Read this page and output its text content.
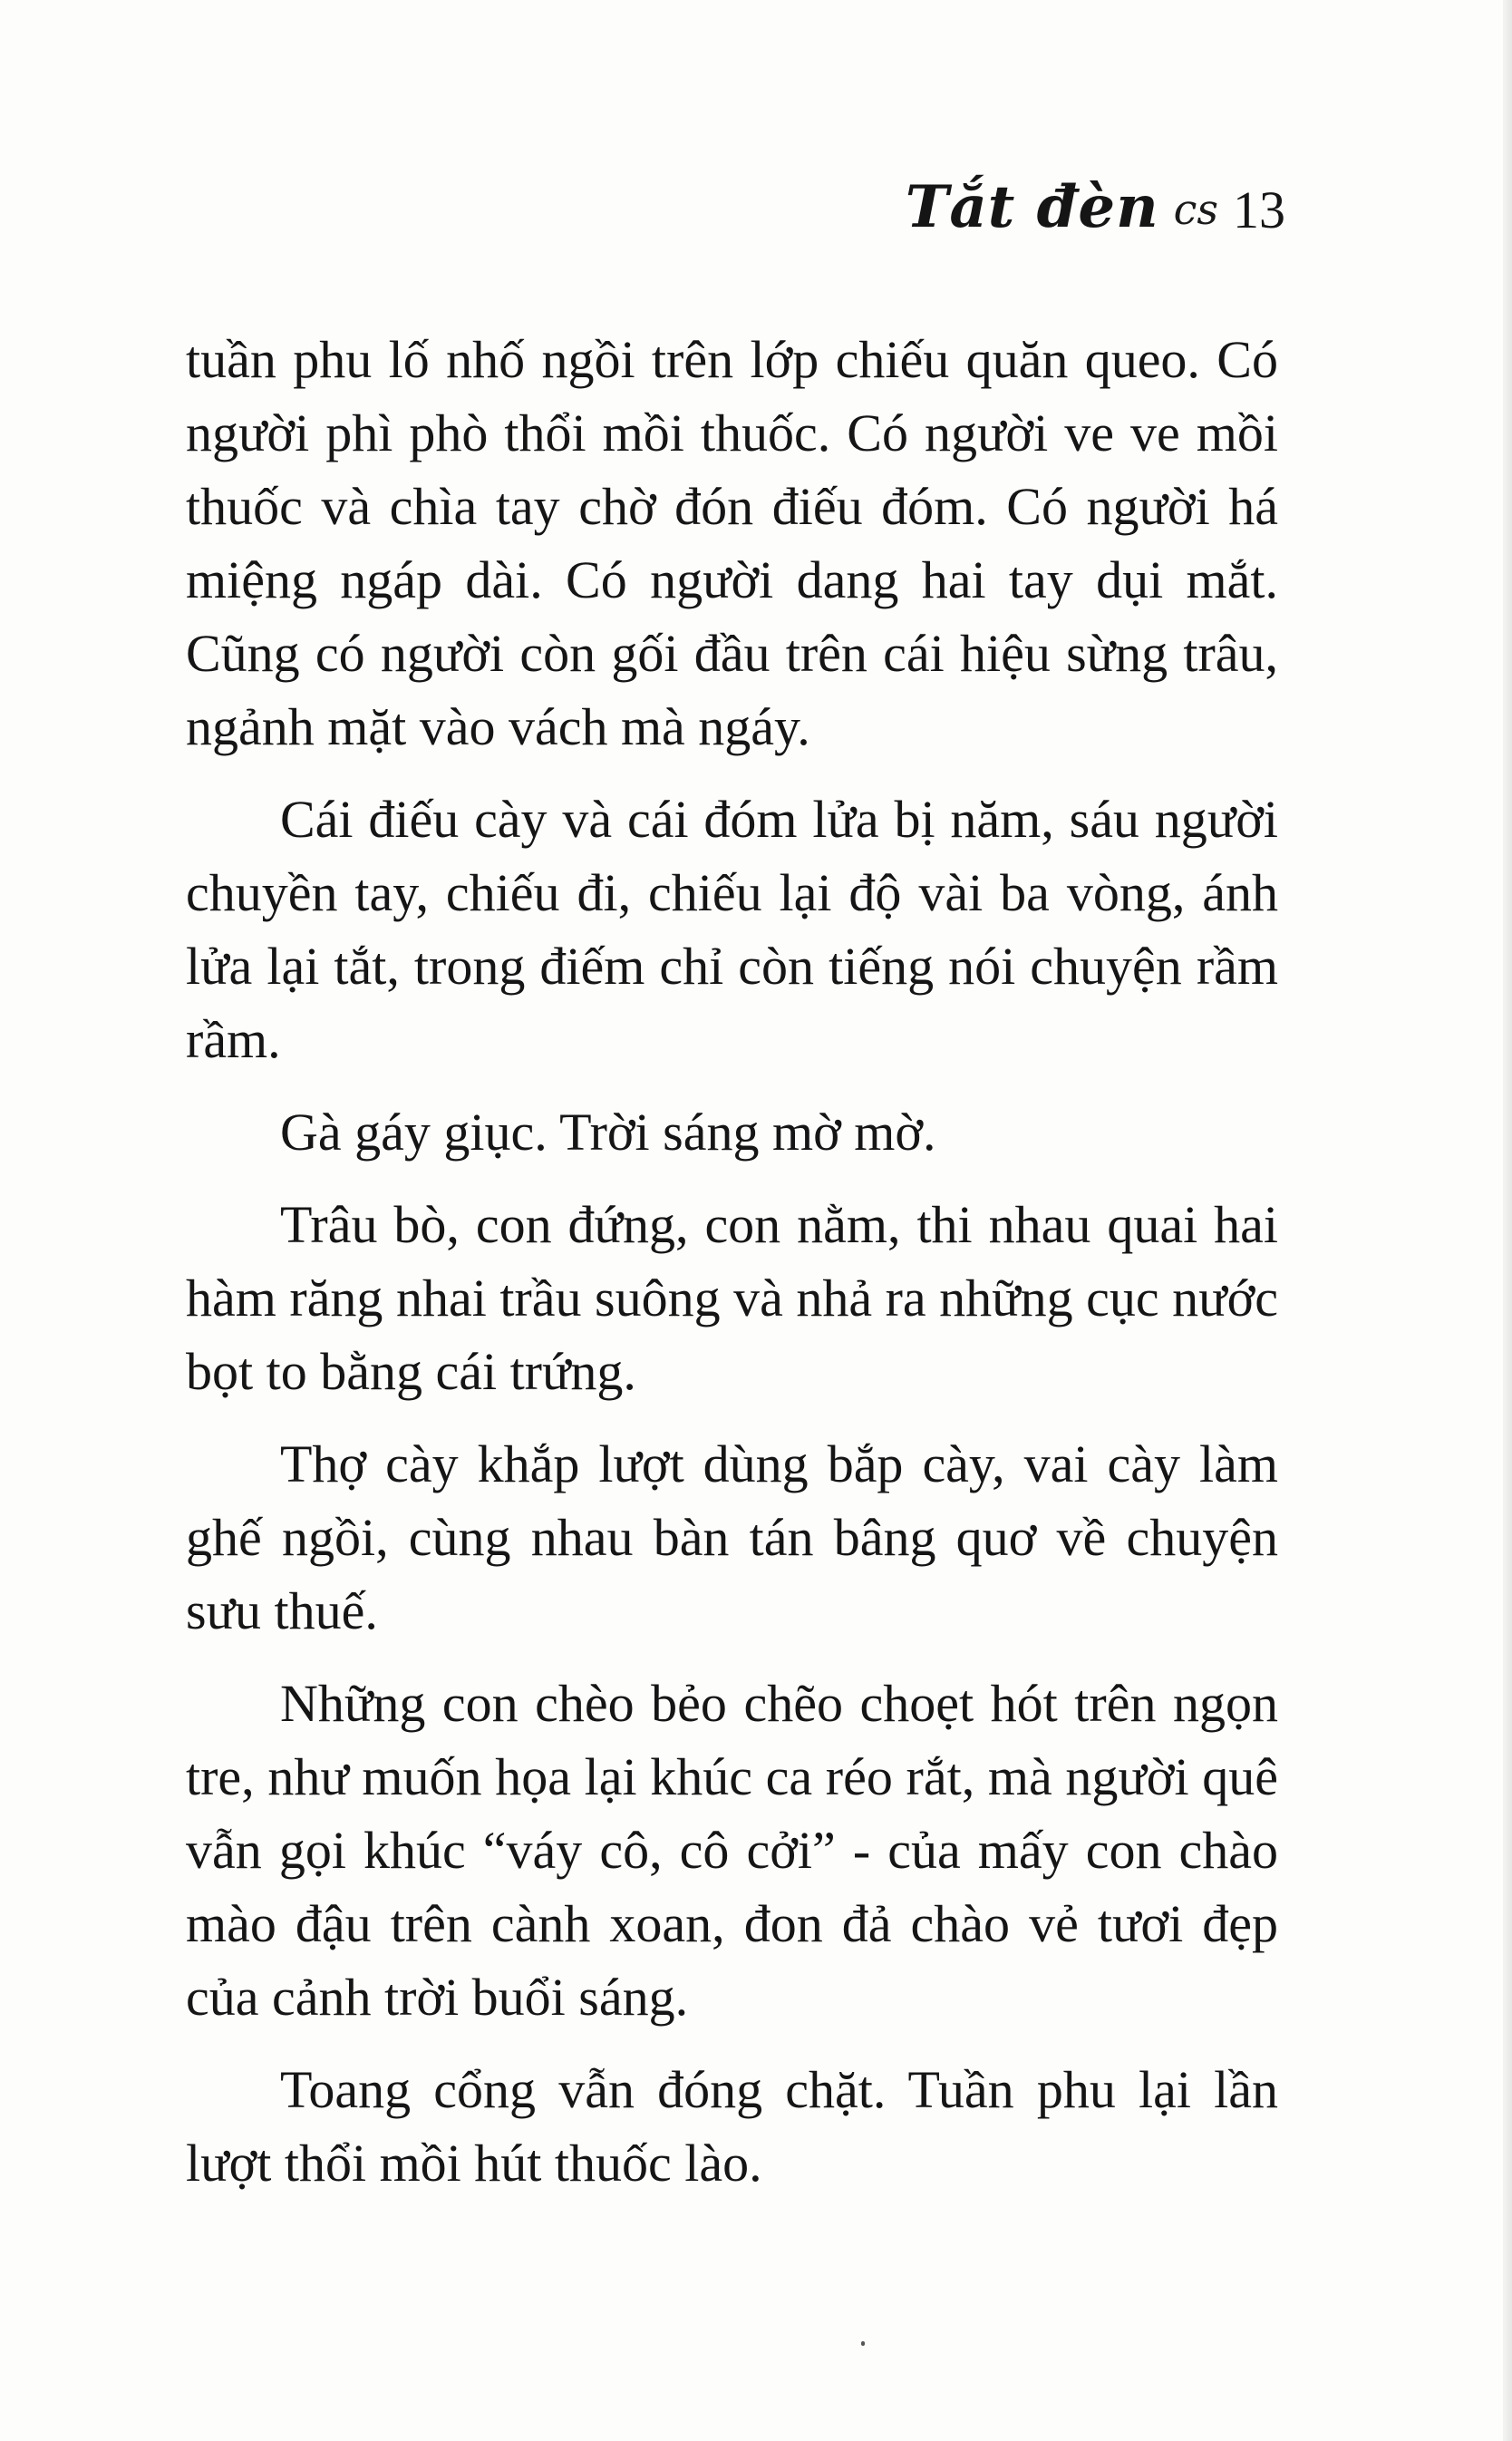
Tắt đèn cs 13

tuần phu lố nhố ngồi trên lớp chiếu quăn queo. Có người phì phò thổi mồi thuốc. Có người ve ve mồi thuốc và chìa tay chờ đón điếu đóm. Có người há miệng ngáp dài. Có người dang hai tay dụi mắt. Cũng có người còn gối đầu trên cái hiệu sừng trâu, ngảnh mặt vào vách mà ngáy.

Cái điếu cày và cái đóm lửa bị năm, sáu người chuyền tay, chiếu đi, chiếu lại độ vài ba vòng, ánh lửa lại tắt, trong điếm chỉ còn tiếng nói chuyện rầm rầm.

Gà gáy giục. Trời sáng mờ mờ.

Trâu bò, con đứng, con nằm, thi nhau quai hai hàm răng nhai trầu suông và nhả ra những cục nước bọt to bằng cái trứng.

Thợ cày khắp lượt dùng bắp cày, vai cày làm ghế ngồi, cùng nhau bàn tán bâng quơ về chuyện sưu thuế.

Những con chèo bẻo chẽo choẹt hót trên ngọn tre, như muốn họa lại khúc ca réo rắt, mà người quê vẫn gọi khúc “váy cô, cô cởi” - của mấy con chào mào đậu trên cành xoan, đon đả chào vẻ tươi đẹp của cảnh trời buổi sáng.

Toang cổng vẫn đóng chặt. Tuần phu lại lần lượt thổi mồi hút thuốc lào.
